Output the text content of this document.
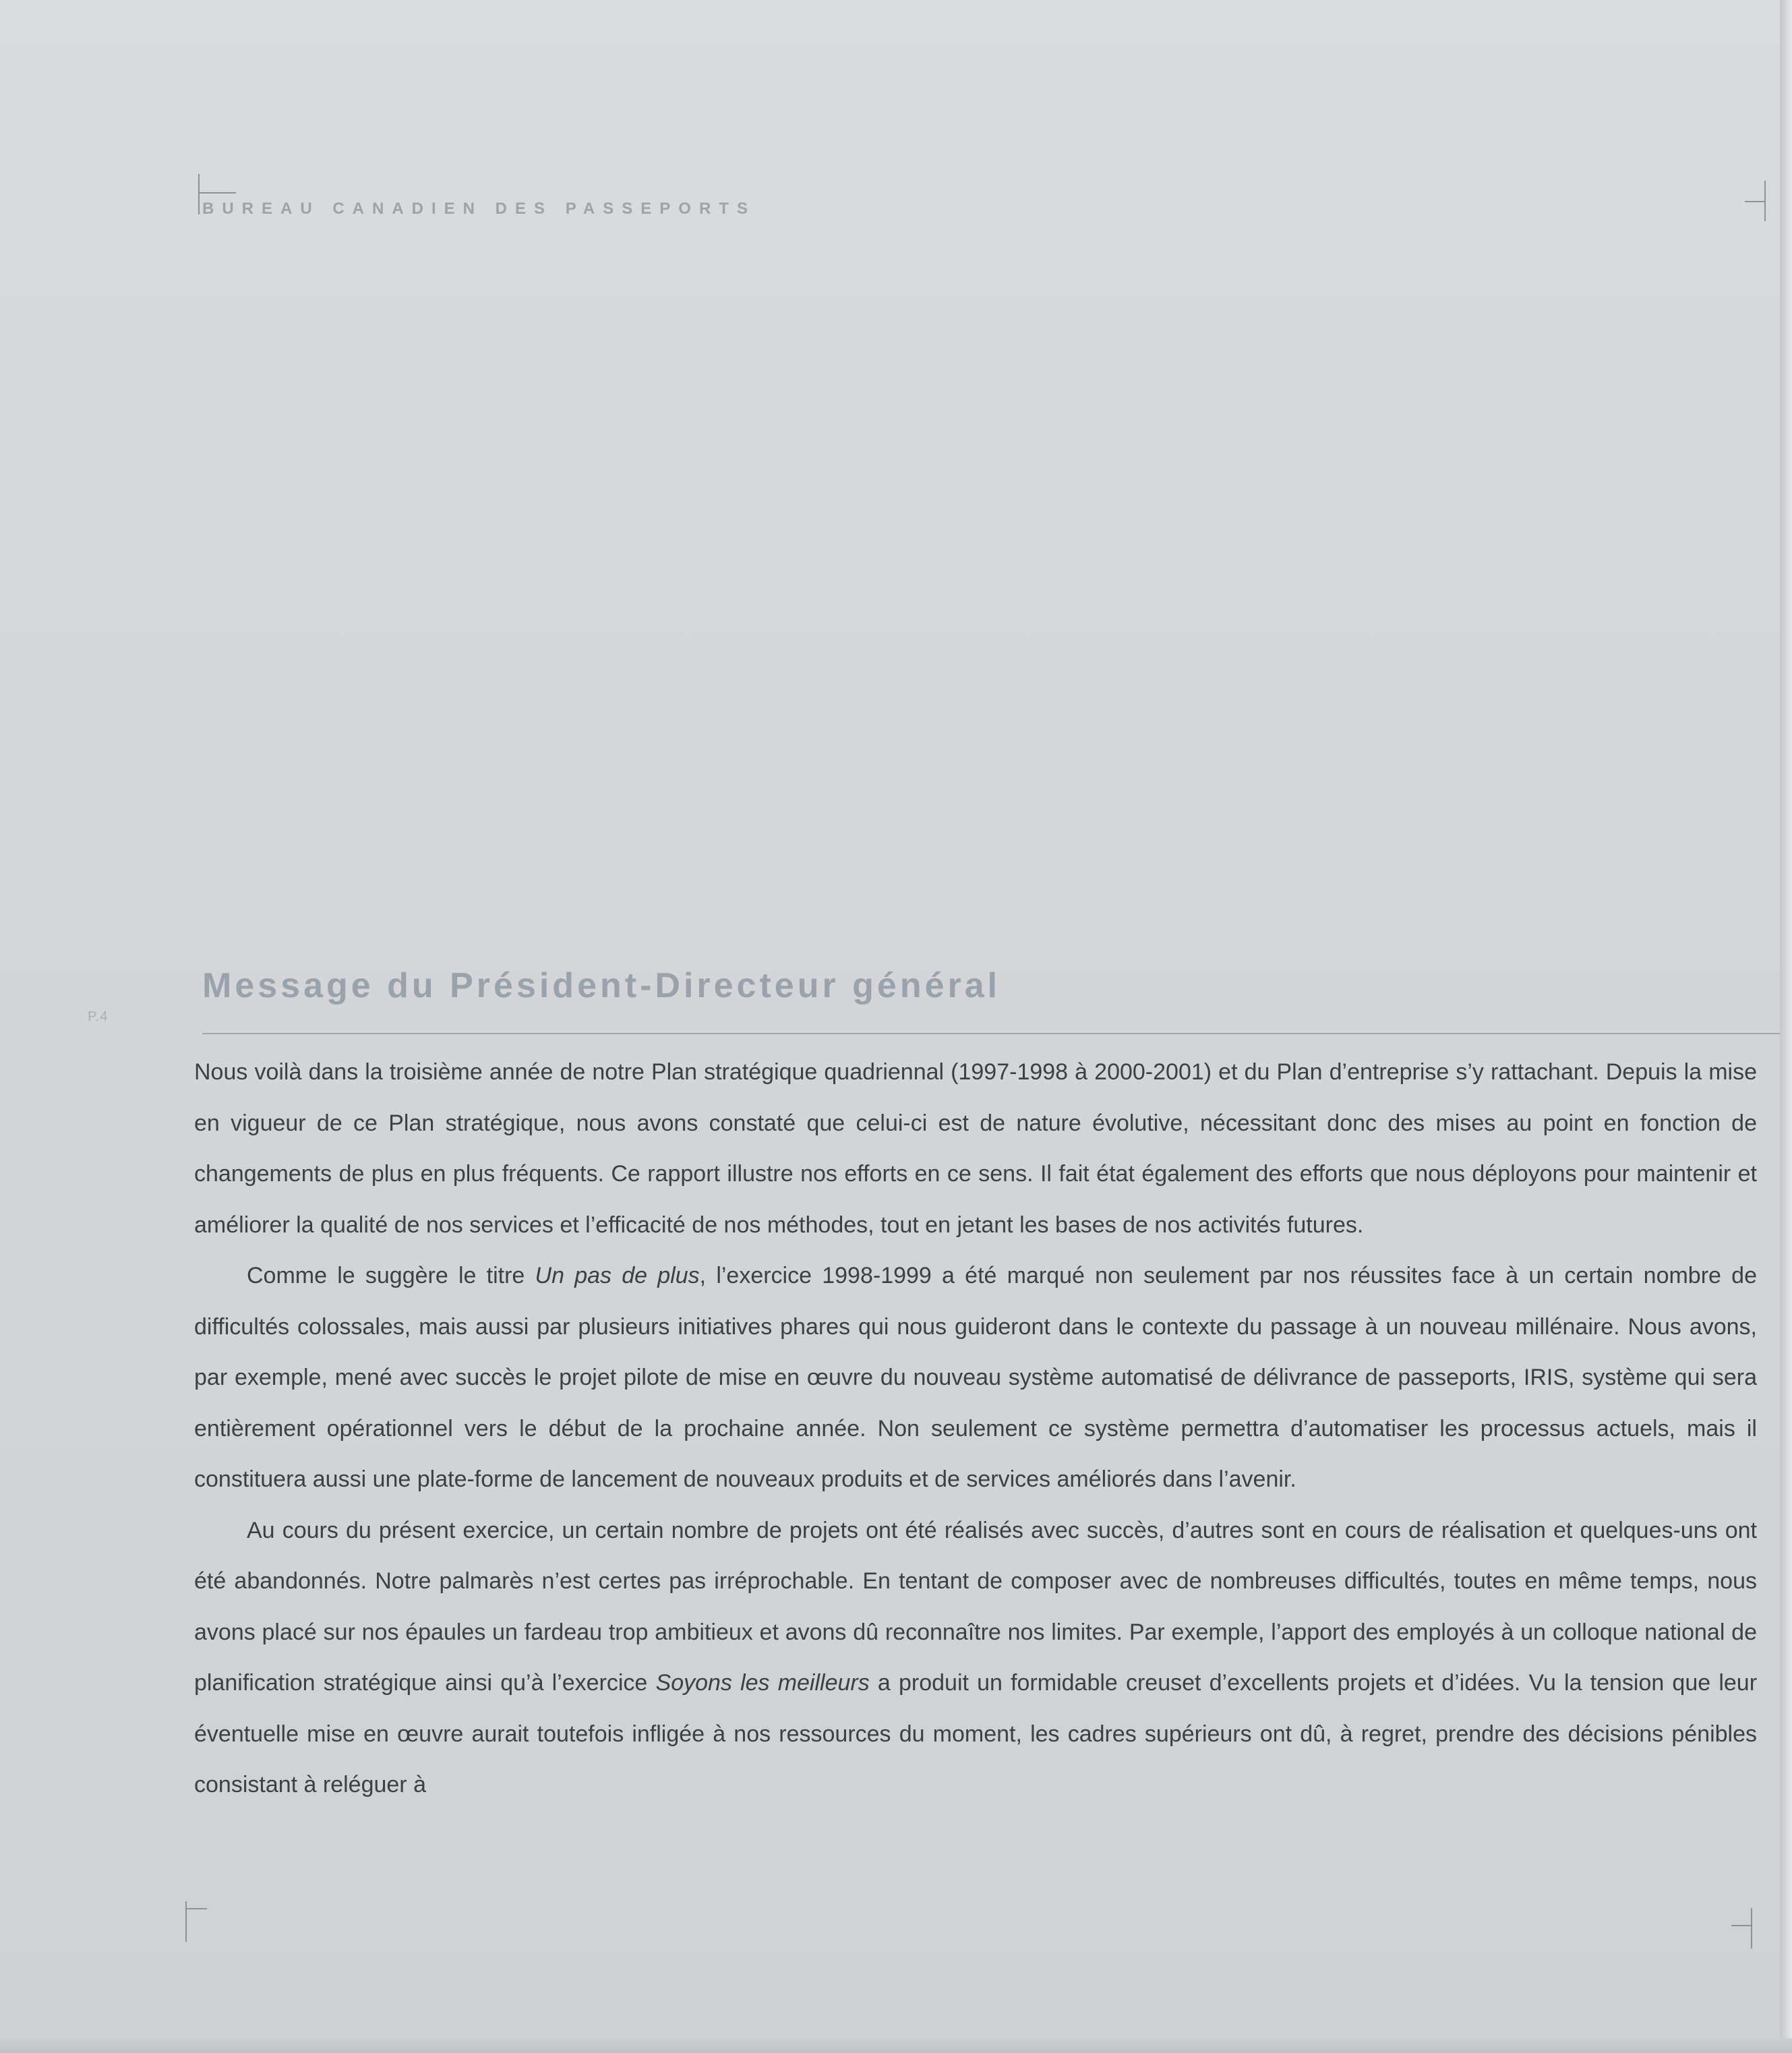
BUREAU CANADIEN DES PASSEPORTS
P.4
Message du Président-Directeur général

Nous voilà dans la troisième année de notre Plan stratégique quadriennal (1997-1998 à 2000-2001) et du Plan d’entreprise s’y rattachant. Depuis la mise en vigueur de ce Plan stratégique, nous avons constaté que celui-ci est de nature évolutive, nécessitant donc des mises au point en fonction de changements de plus en plus fréquents. Ce rapport illustre nos efforts en ce sens. Il fait état également des efforts que nous déployons pour maintenir et améliorer la qualité de nos services et l’efficacité de nos méthodes, tout en jetant les bases de nos activités futures.

Comme le suggère le titre Un pas de plus, l’exercice 1998-1999 a été marqué non seulement par nos réussites face à un certain nombre de difficultés colossales, mais aussi par plusieurs initiatives phares qui nous guideront dans le contexte du passage à un nouveau millénaire. Nous avons, par exemple, mené avec succès le projet pilote de mise en œuvre du nouveau système automatisé de délivrance de passeports, IRIS, système qui sera entièrement opérationnel vers le début de la prochaine année. Non seulement ce système permettra d’automatiser les processus actuels, mais il constituera aussi une plate-forme de lancement de nouveaux produits et de services améliorés dans l’avenir.

Au cours du présent exercice, un certain nombre de projets ont été réalisés avec succès, d’autres sont en cours de réalisation et quelques-uns ont été abandonnés. Notre palmarès n’est certes pas irréprochable. En tentant de composer avec de nombreuses difficultés, toutes en même temps, nous avons placé sur nos épaules un fardeau trop ambitieux et avons dû reconnaître nos limites. Par exemple, l’apport des employés à un colloque national de planification stratégique ainsi qu’à l’exercice Soyons les meilleurs a produit un formidable creuset d’excellents projets et d’idées. Vu la tension que leur éventuelle mise en œuvre aurait toutefois infligée à nos ressources du moment, les cadres supérieurs ont dû, à regret, prendre des décisions pénibles consistant à reléguer à
